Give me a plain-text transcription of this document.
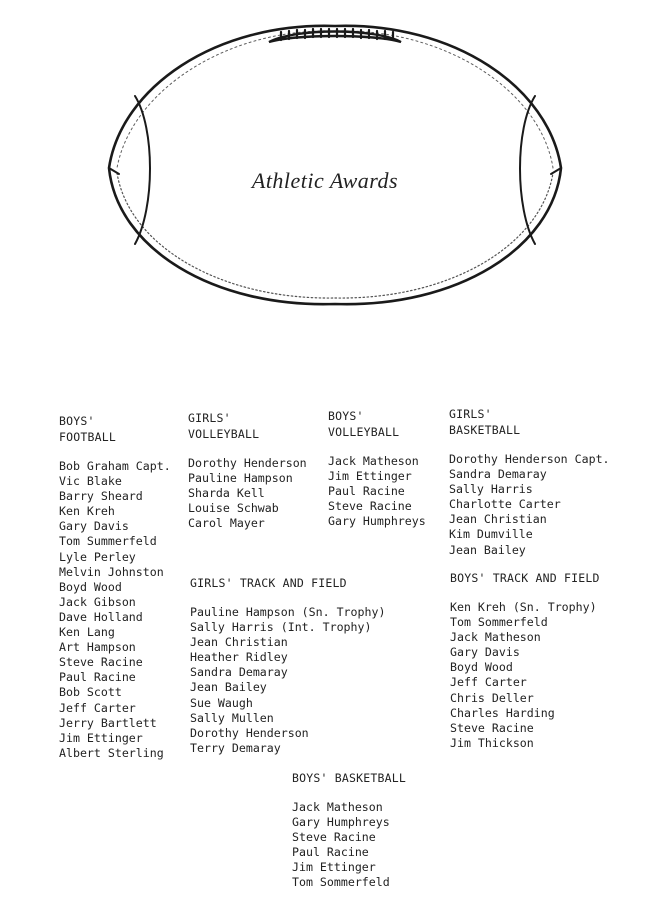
Athletic Awards
BOYS'
FOOTBALL
Bob Graham Capt.
Vic Blake
Barry Sheard
Ken Kreh
Gary Davis
Tom Summerfeld
Lyle Perley
Melvin Johnston
Boyd Wood
Jack Gibson
Dave Holland
Ken Lang
Art Hampson
Steve Racine
Paul Racine
Bob Scott
Jeff Carter
Jerry Bartlett
Jim Ettinger
Albert Sterling
GIRLS'
VOLLEYBALL
Dorothy Henderson
Pauline Hampson
Sharda Kell
Louise Schwab
Carol Mayer
BOYS'
VOLLEYBALL
Jack Matheson
Jim Ettinger
Paul Racine
Steve Racine
Gary Humphreys
GIRLS'
BASKETBALL
Dorothy Henderson Capt.
Sandra Demaray
Sally Harris
Charlotte Carter
Jean Christian
Kim Dumville
Jean Bailey
GIRLS' TRACK AND FIELD
Pauline Hampson (Sn. Trophy)
Sally Harris (Int. Trophy)
Jean Christian
Heather Ridley
Sandra Demaray
Jean Bailey
Sue Waugh
Sally Mullen
Dorothy Henderson
Terry Demaray
BOYS' TRACK AND FIELD
Ken Kreh (Sn. Trophy)
Tom Sommerfeld
Jack Matheson
Gary Davis
Boyd Wood
Jeff Carter
Chris Deller
Charles Harding
Steve Racine
Jim Thickson
BOYS' BASKETBALL
Jack Matheson
Gary Humphreys
Steve Racine
Paul Racine
Jim Ettinger
Tom Sommerfeld
